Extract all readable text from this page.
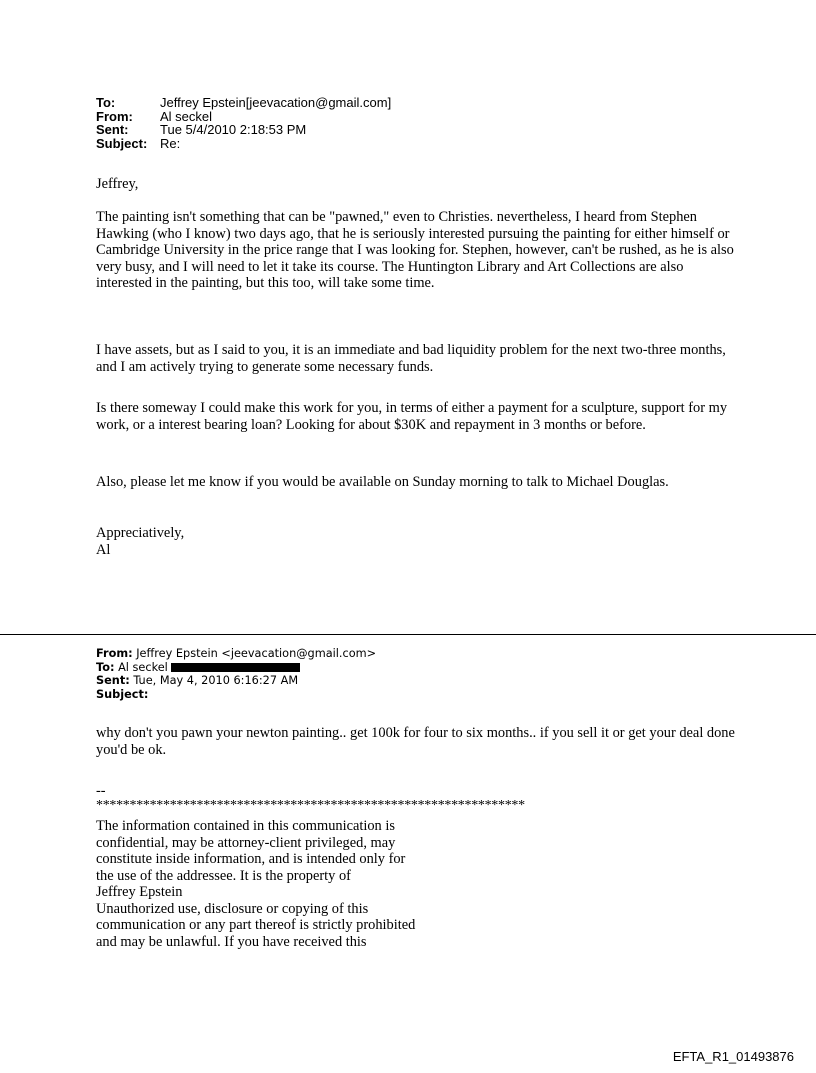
To:	Jeffrey Epstein[jeevacation@gmail.com]
From:	Al seckel
Sent:	Tue 5/4/2010 2:18:53 PM
Subject: Re:
Jeffrey,
The painting isn't something that can be "pawned," even to Christies. nevertheless, I heard from Stephen Hawking (who I know) two days ago, that he is seriously interested pursuing the painting for either himself or Cambridge University in the price range that I was looking for. Stephen, however, can't be rushed, as he is also very busy, and I will need to let it take its course. The Huntington Library and Art Collections are also interested in the painting, but this too, will take some time.
I have assets, but as I said to you, it is an immediate and bad liquidity problem for the next two-three months, and I am actively trying to generate some necessary funds.
Is there someway I could make this work for you, in terms of either a payment for a sculpture, support for my work, or a interest bearing loan? Looking for about $30K and repayment in 3 months or before.
Also, please let me know if you would be available on Sunday morning to talk to Michael Douglas.

Appreciatively,

Al

From: Jeffrey Epstein <jeevacation@gmail.com>
To: Al seckel
Sent: Tue, May 4, 2010 6:16:27 AM
Subject:
why don't you pawn your newton painting.. get 100k for four to six months.. if you sell it or get your deal done you'd be ok.
--
****************************************************************

The information contained in this communication is

confidential, may be attorney-client privileged, may

constitute inside information, and is intended only for

the use of the addressee. It is the property of

Jeffrey Epstein

Unauthorized use, disclosure or copying of this

communication or any part thereof is strictly prohibited

and may be unlawful. If you have received this

EFTA_R1_01493876
